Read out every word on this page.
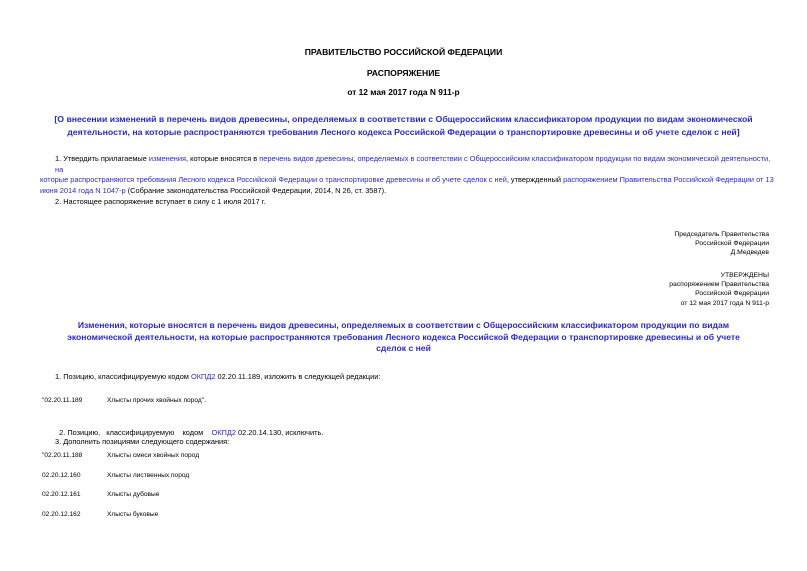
ПРАВИТЕЛЬСТВО РОССИЙСКОЙ ФЕДЕРАЦИИ
РАСПОРЯЖЕНИЕ
от 12 мая 2017 года N 911-р
[О внесении изменений в перечень видов древесины, определяемых в соответствии с Общероссийским классификатором продукции по видам экономической
деятельности, на которые распространяются требования Лесного кодекса Российской Федерации о транспортировке древесины и об учете сделок с ней]
1. Утвердить прилагаемые изменения, которые вносятся в перечень видов древесины, определяемых в соответствии с Общероссийским классификатором продукции по видам экономической деятельности, на
которые распространяются требования Лесного кодекса Российской Федерации о транспортировке древесины и об учете сделок с ней, утвержденный распоряжением Правительства Российской Федерации от 13
июня 2014 года N 1047-р (Собрание законодательства Российской Федерации, 2014, N 26, ст. 3587).
2. Настоящее распоряжение вступает в силу с 1 июля 2017 г.
Председатель Правительства
Российской Федерации
Д.Медведев
УТВЕРЖДЕНЫ
распоряжением Правительства
Российской Федерации
от 12 мая 2017 года N 911-р
Изменения, которые вносятся в перечень видов древесины, определяемых в соответствии с Общероссийским классификатором продукции по видам
экономической деятельности, на которые распространяются требования Лесного кодекса Российской Федерации о транспортировке древесины и об учете
сделок с ней
1. Позицию, классифицируемую кодом ОКПД2 02.20.11.189, изложить в следующей редакции:
"02.20.11.189	Хлысты прочих хвойных пород".

2. Позицию,   классифицируемую    кодом    ОКПД2 02.20.14.130, исключить.

3. Дополнить позициями следующего содержания:
"02.20.11.188	Хлысты смеси хвойных пород
02.20.12.160	Хлысты лиственных пород
02.20.12.161	Хлысты дубовые
02.20.12.162	Хлысты буковые
